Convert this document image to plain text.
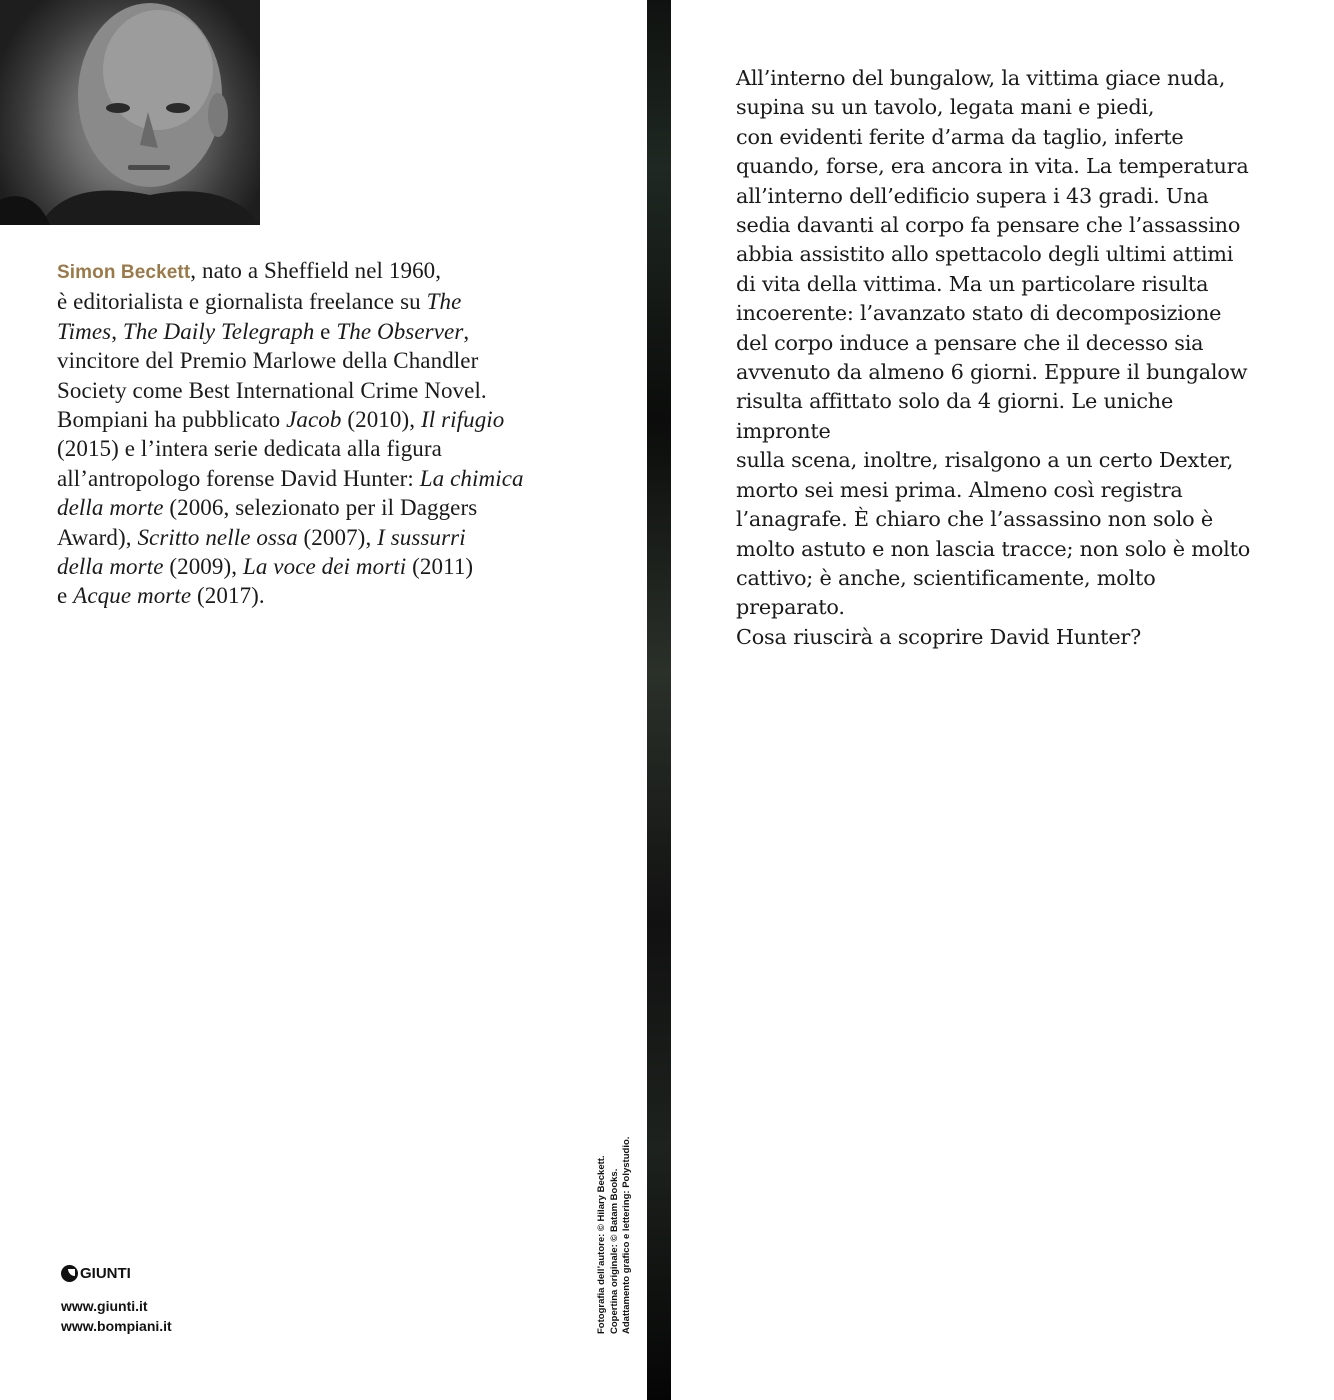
Simon Beckett, nato a Sheffield nel 1960,
è editorialista e giornalista freelance su The
Times, The Daily Telegraph e The Observer,
vincitore del Premio Marlowe della Chandler
Society come Best International Crime Novel.
Bompiani ha pubblicato Jacob (2010), Il rifugio
(2015) e l’intera serie dedicata alla figura
all’antropologo forense David Hunter: La chimica
della morte (2006, selezionato per il Daggers
Award), Scritto nelle ossa (2007), I sussurri
della morte (2009), La voce dei morti (2011)
e Acque morte (2017).
GIUNTI
www.giunti.it
www.bompiani.it	Fotografia dell’autore: © Hilary Beckett. Copertina originale: © Batam Books. Adattamento grafico e lettering: Polystudio.
All’interno del bungalow, la vittima giace nuda,
supina su un tavolo, legata mani e piedi,
con evidenti ferite d’arma da taglio, inferte
quando, forse, era ancora in vita. La temperatura
all’interno dell’edificio supera i 43 gradi. Una
sedia davanti al corpo fa pensare che l’assassino
abbia assistito allo spettacolo degli ultimi attimi
di vita della vittima. Ma un particolare risulta
incoerente: l’avanzato stato di decomposizione
del corpo induce a pensare che il decesso sia
avvenuto da almeno 6 giorni. Eppure il bungalow
risulta affittato solo da 4 giorni. Le uniche impronte
sulla scena, inoltre, risalgono a un certo Dexter,
morto sei mesi prima. Almeno così registra
l’anagrafe. È chiaro che l’assassino non solo è
molto astuto e non lascia tracce; non solo è molto
cattivo; è anche, scientificamente, molto preparato.
Cosa riuscirà a scoprire David Hunter?
